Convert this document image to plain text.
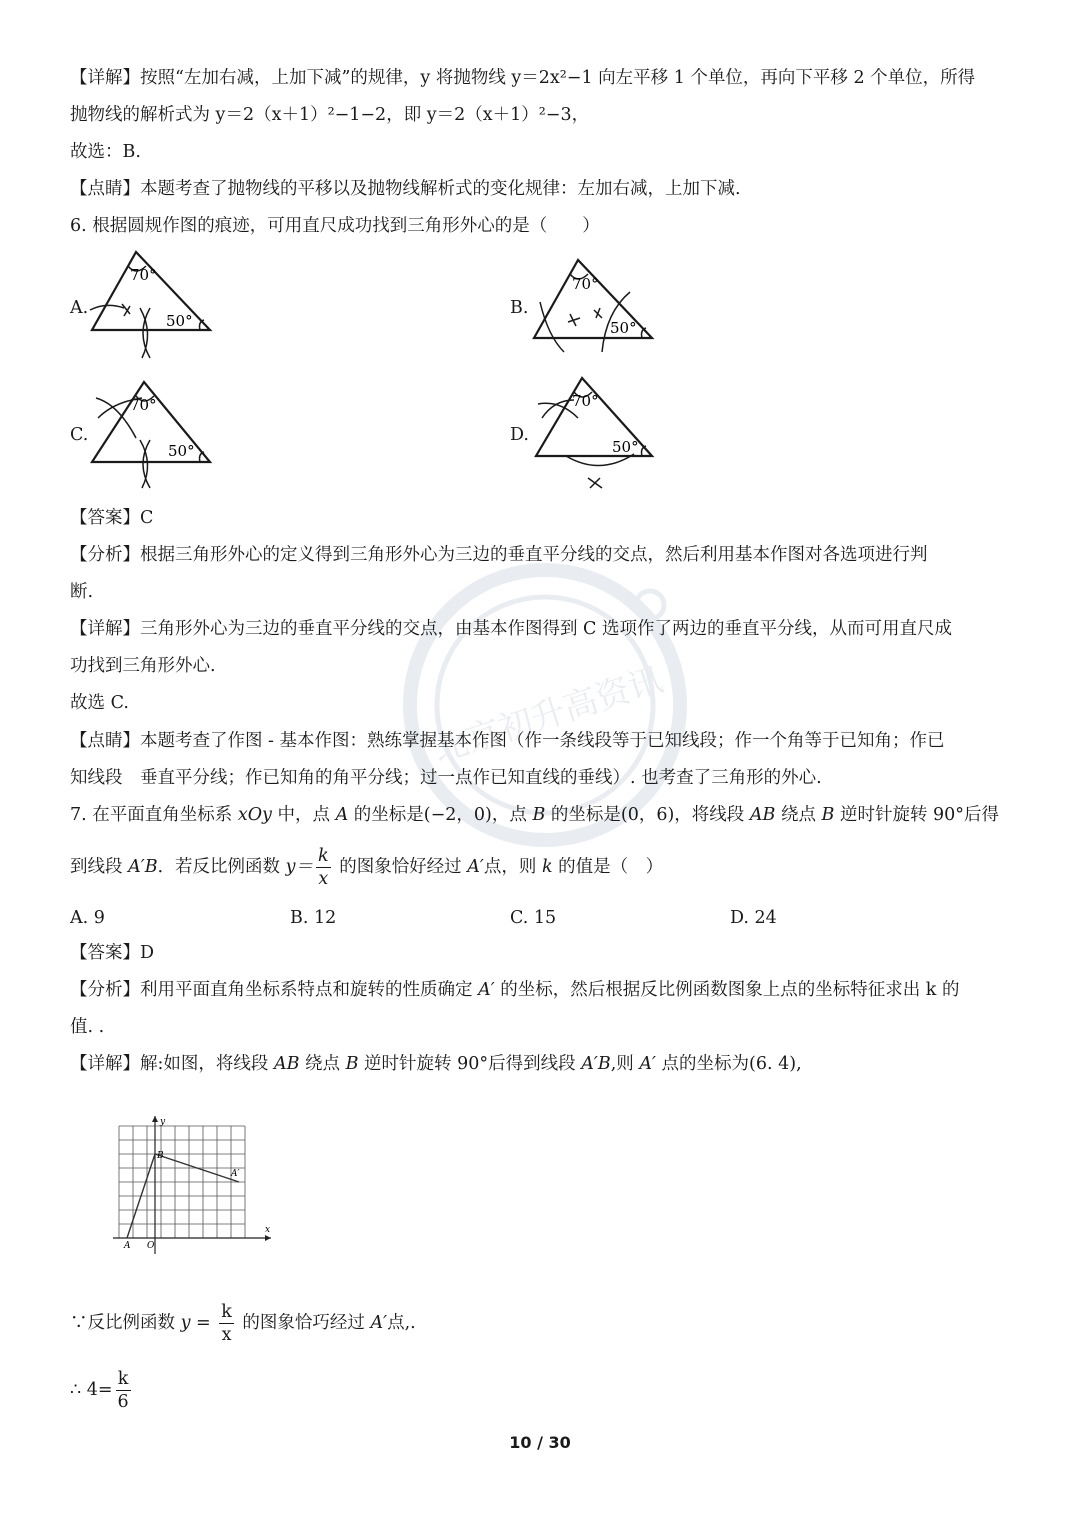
北京初升高资讯
【详解】按照“左加右减，上加下减”的规律，y 将抛物线 y＝2x²−1 向左平移 1 个单位，再向下平移 2 个单位，所得
抛物线的解析式为 y＝2（x＋1）²−1−2，即 y＝2（x＋1）²−3，
故选：B.
【点睛】本题考查了抛物线的平移以及抛物线解析式的变化规律：左加右减，上加下减.
6. 根据圆规作图的痕迹，可用直尺成功找到三角形外心的是（　　）
A.	B.
C.	D.
70°
50°
70°
50°
70°
50°
70°
50°
【答案】C
【分析】根据三角形外心的定义得到三角形外心为三边的垂直平分线的交点，然后利用基本作图对各选项进行判
断.
【详解】三角形外心为三边的垂直平分线的交点，由基本作图得到 C 选项作了两边的垂直平分线，从而可用直尺成
功找到三角形外心.
故选 C.
【点睛】本题考查了作图 - 基本作图：熟练掌握基本作图（作一条线段等于已知线段；作一个角等于已知角；作已
知线段　垂直平分线；作已知角的角平分线；过一点作已知直线的垂线）. 也考查了三角形的外心.
7. 在平面直角坐标系 xOy 中，点 A 的坐标是(−2，0)，点 B 的坐标是(0，6)，将线段 AB 绕点 B 逆时针旋转 90°后得
到线段 A′B．若反比例函数 $y= \frac{k}{x}$ 的图象恰好经过 A′点，则 k 的值是（　）
A. 9	B. 12	C. 15	D. 24
【答案】D
【分析】利用平面直角坐标系特点和旋转的性质确定 A′ 的坐标，然后根据反比例函数图象上点的坐标特征求出 k 的
值. .
【详解】解:如图，将线段 AB 绕点 B 逆时针旋转 90°后得到线段 A′B,则 A′ 点的坐标为(6. 4),
y
x
B
A O
A′
∵反比例函数 $y = \frac{k}{x}$ 的图象恰巧经过 A′点,.
∴ $4= \frac{k}{6}$
10 / 30
